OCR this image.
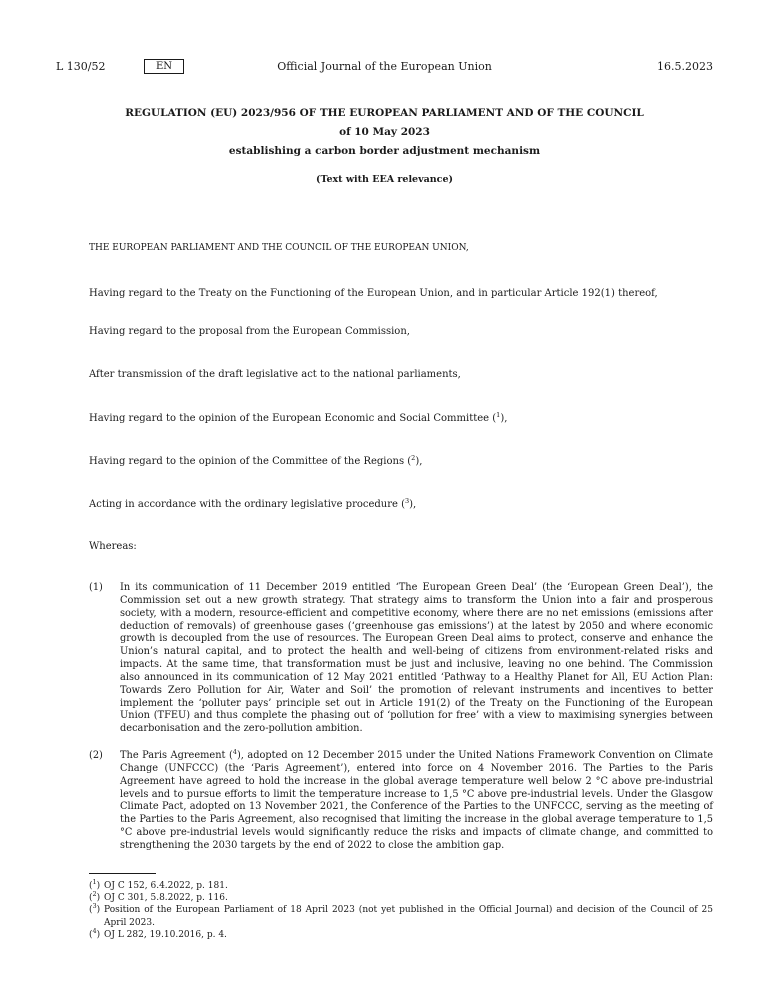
L 130/52	EN	Official Journal of the European Union	16.5.2023
REGULATION (EU) 2023/956 OF THE EUROPEAN PARLIAMENT AND OF THE COUNCIL
of 10 May 2023
establishing a carbon border adjustment mechanism
(Text with EEA relevance)
THE EUROPEAN PARLIAMENT AND THE COUNCIL OF THE EUROPEAN UNION,
Having regard to the Treaty on the Functioning of the European Union, and in particular Article 192(1) thereof,
Having regard to the proposal from the European Commission,
After transmission of the draft legislative act to the national parliaments,
Having regard to the opinion of the European Economic and Social Committee ($^1$),
Having regard to the opinion of the Committee of the Regions ($^2$),
Acting in accordance with the ordinary legislative procedure ($^3$),
Whereas:
(1) In its communication of 11 December 2019 entitled ‘The European Green Deal’ (the ‘European Green Deal’), the Commission set out a new growth strategy. That strategy aims to transform the Union into a fair and prosperous society, with a modern, resource-efficient and competitive economy, where there are no net emissions (emissions after deduction of removals) of greenhouse gases (‘greenhouse gas emissions’) at the latest by 2050 and where economic growth is decoupled from the use of resources. The European Green Deal aims to protect, conserve and enhance the Union’s natural capital, and to protect the health and well-being of citizens from environment-related risks and impacts. At the same time, that transformation must be just and inclusive, leaving no one behind. The Commission also announced in its communication of 12 May 2021 entitled ‘Pathway to a Healthy Planet for All, EU Action Plan: Towards Zero Pollution for Air, Water and Soil’ the promotion of relevant instruments and incentives to better implement the ‘polluter pays’ principle set out in Article 191(2) of the Treaty on the Functioning of the European Union (TFEU) and thus complete the phasing out of ‘pollution for free’ with a view to maximising synergies between decarbonisation and the zero-pollution ambition.
(2) The Paris Agreement ($^4$), adopted on 12 December 2015 under the United Nations Framework Convention on Climate Change (UNFCCC) (the ‘Paris Agreement’), entered into force on 4 November 2016. The Parties to the Paris Agreement have agreed to hold the increase in the global average temperature well below 2 °C above pre-industrial levels and to pursue efforts to limit the temperature increase to 1,5 °C above pre-industrial levels. Under the Glasgow Climate Pact, adopted on 13 November 2021, the Conference of the Parties to the UNFCCC, serving as the meeting of the Parties to the Paris Agreement, also recognised that limiting the increase in the global average temperature to 1,5 °C above pre-industrial levels would significantly reduce the risks and impacts of climate change, and committed to strengthening the 2030 targets by the end of 2022 to close the ambition gap.
($^1$) OJ C 152, 6.4.2022, p. 181.
($^2$) OJ C 301, 5.8.2022, p. 116.
($^3$) Position of the European Parliament of 18 April 2023 (not yet published in the Official Journal) and decision of the Council of 25 April 2023.
($^4$) OJ L 282, 19.10.2016, p. 4.
